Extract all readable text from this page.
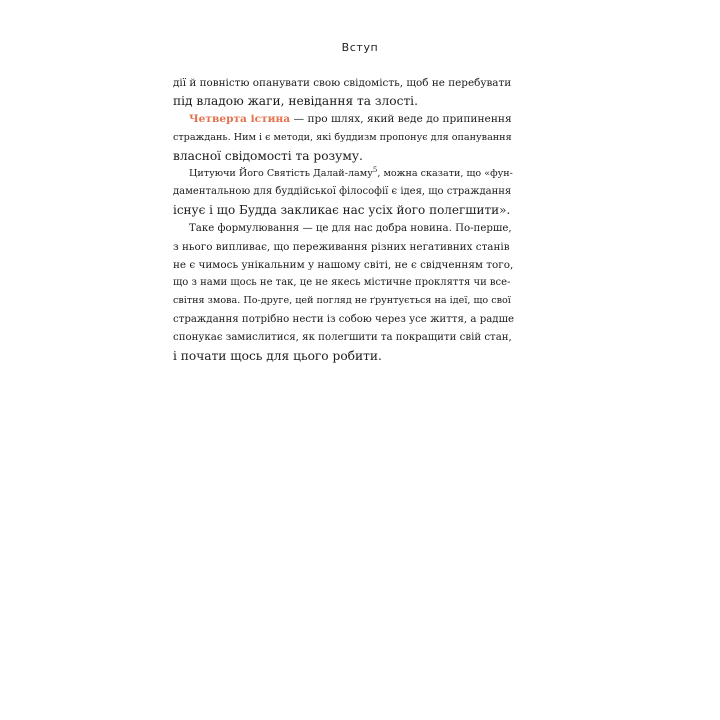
Вступ
дії й повністю опанувати свою свідомість, щоб не перебувати
під владою жаги, невідання та злості.
Четверта істина — про шлях, який веде до припинення
страждань. Ним і є методи, які буддизм пропонує для опанування
власної свідомості та розуму.
Цитуючи Його Святість Далай-ламу$^5$, можна сказати, що «фун-
даментальною для буддійської філософії є ідея, що страждання
існує і що Будда закликає нас усіх його полегшити».
Таке формулювання — це для нас добра новина. По-перше,
з нього випливає, що переживання різних негативних станів
не є чимось унікальним у нашому світі, не є свідченням того,
що з нами щось не так, це не якесь містичне прокляття чи все-
світня змова. По-друге, цей погляд не ґрунтується на ідеї, що свої
страждання потрібно нести із собою через усе життя, а радше
спонукає замислитися, як полегшити та покращити свій стан,
і почати щось для цього робити.
